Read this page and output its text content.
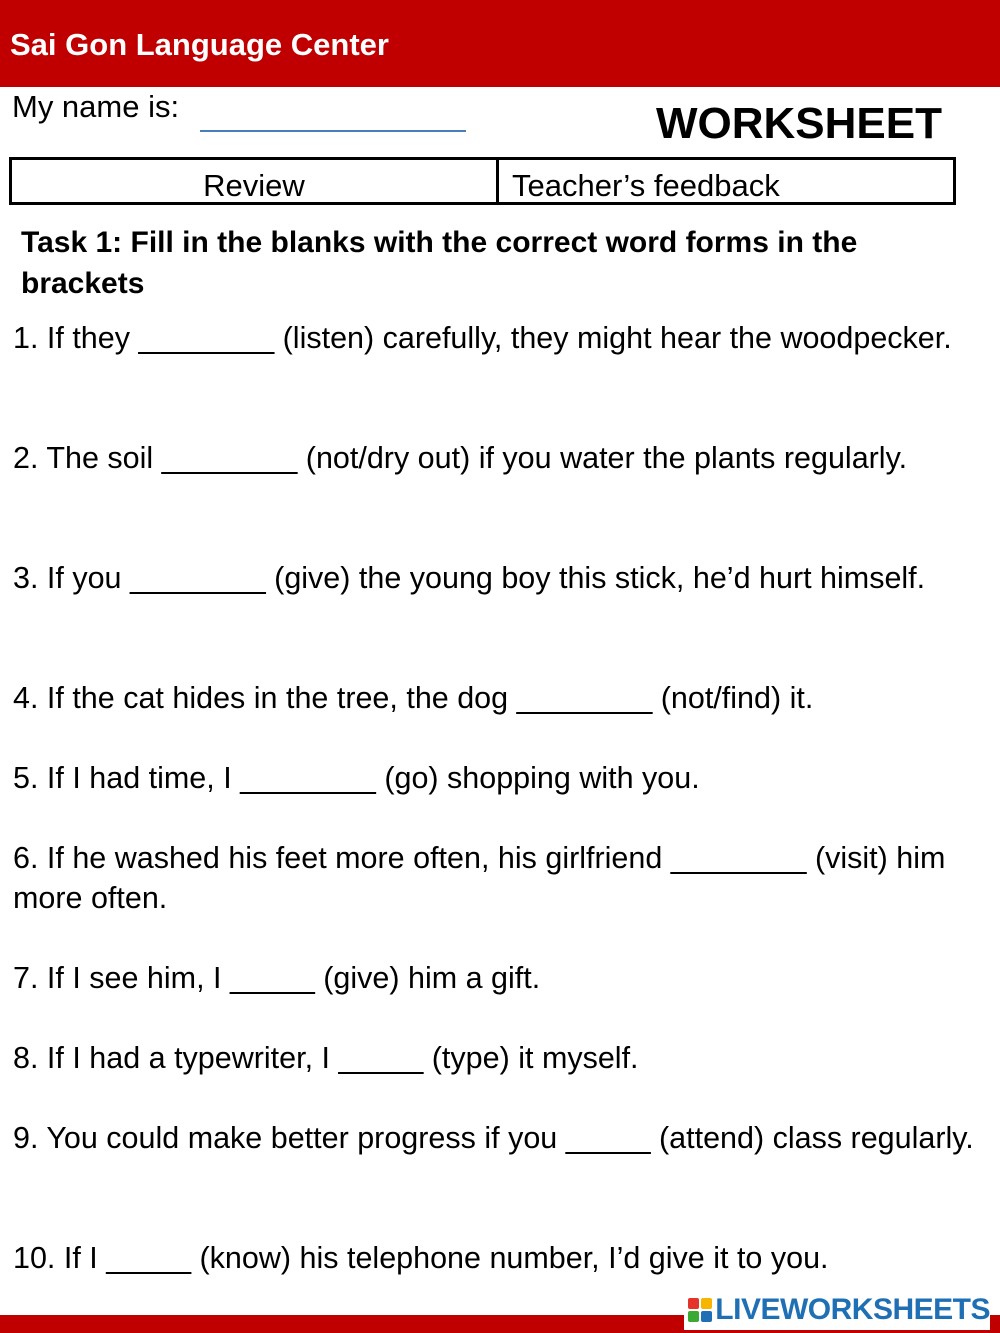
Sai Gon Language Center
My name is:	WORKSHEET
Review	Teacher’s feedback
Task 1: Fill in the blanks with the correct word forms in the brackets
1. If they ________ (listen) carefully, they might hear the woodpecker.
2. The soil ________ (not/dry out) if you water the plants regularly.
3. If you ________ (give) the young boy this stick, he’d hurt himself.
4. If the cat hides in the tree, the dog ________ (not/find) it.
5. If I had time, I ________ (go) shopping with you.
6. If he washed his feet more often, his girlfriend ________ (visit) him more often.
7. If I see him, I _____ (give) him a gift.
8. If I had a typewriter, I _____ (type) it myself.
9. You could make better progress if you _____ (attend) class regularly.
10. If I _____ (know) his telephone number, I’d give it to you.
LIVEWORKSHEETS
